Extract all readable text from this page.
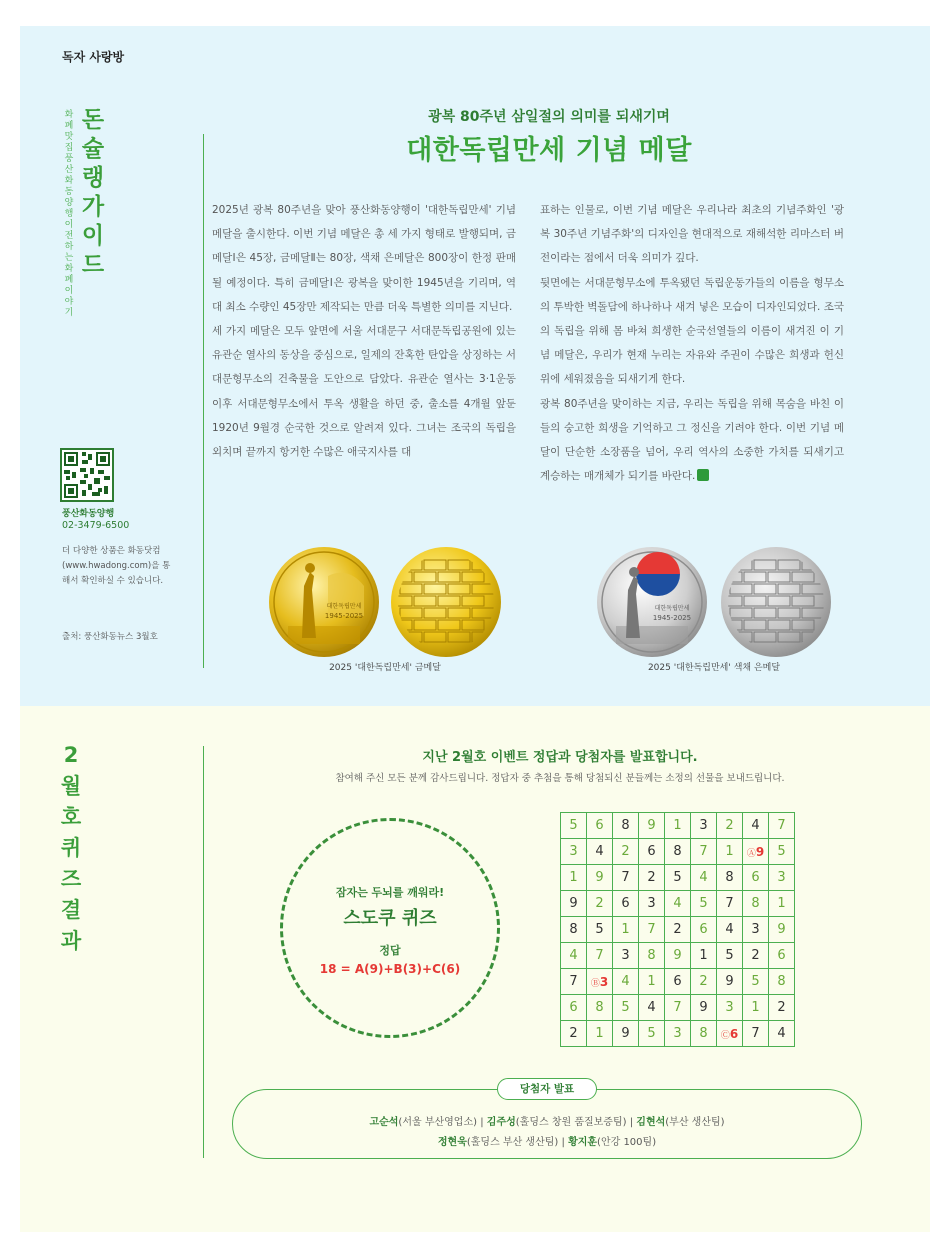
독자 사랑방
화폐 맛집 풍산화동양행이 전하는 화폐 이야기
돈슐랭가이드
풍산화동양행
02-3479-6500
더 다양한 상품은 화동닷컴 (www.hwadong.com)을 통해서 확인하실 수 있습니다.
출처: 풍산화동뉴스 3월호
광복 80주년 삼일절의 의미를 되새기며
대한독립만세 기념 메달

2025년 광복 80주년을 맞아 풍산화동양행이 '대한독립만세' 기념 메달을 출시한다. 이번 기념 메달은 총 세 가지 형태로 발행되며, 금메달Ⅰ은 45장, 금메달Ⅱ는 80장, 색채 은메달은 800장이 한정 판매될 예정이다. 특히 금메달Ⅰ은 광복을 맞이한 1945년을 기리며, 역대 최소 수량인 45장만 제작되는 만큼 더욱 특별한 의미를 지닌다.

세 가지 메달은 모두 앞면에 서울 서대문구 서대문독립공원에 있는 유관순 열사의 동상을 중심으로, 일제의 잔혹한 탄압을 상징하는 서대문형무소의 건축물을 도안으로 담았다. 유관순 열사는 3·1운동 이후 서대문형무소에서 투옥 생활을 하던 중, 출소를 4개월 앞둔 1920년 9월경 순국한 것으로 알려져 있다. 그녀는 조국의 독립을 외치며 끝까지 항거한 수많은 애국지사를 대

표하는 인물로, 이번 기념 메달은 우리나라 최초의 기념주화인 '광복 30주년 기념주화'의 디자인을 현대적으로 재해석한 리마스터 버전이라는 점에서 더욱 의미가 깊다.

뒷면에는 서대문형무소에 투옥됐던 독립운동가들의 이름을 형무소의 투박한 벽돌담에 하나하나 새겨 넣은 모습이 디자인되었다. 조국의 독립을 위해 몸 바쳐 희생한 순국선열들의 이름이 새겨진 이 기념 메달은, 우리가 현재 누리는 자유와 주권이 수많은 희생과 헌신 위에 세워졌음을 되새기게 한다.

광복 80주년을 맞이하는 지금, 우리는 독립을 위해 목숨을 바친 이들의 숭고한 희생을 기억하고 그 정신을 기려야 한다. 이번 기념 메달이 단순한 소장품을 넘어, 우리 역사의 소중한 가치를 되새기고 계승하는 매개체가 되기를 바란다.

대한독립만세
1945-2025
대한독립만세
1945-2025
2025 '대한독립만세' 금메달	2025 '대한독립만세' 색채 은메달
2월호퀴즈결과
지난 2월호 이벤트 정답과 당첨자를 발표합니다.
참여해 주신 모든 분께 감사드립니다. 정답자 중 추첨을 통해 당첨되신 분들께는 소정의 선물을 보내드립니다.
잠자는 두뇌를 깨워라!
스도쿠 퀴즈
정답
18 = A(9)+B(3)+C(6)
5	6	8	9	1	3	2	4	7
3	4	2	6	8	7	1	Ⓐ9	5
1	9	7	2	5	4	8	6	3
9	2	6	3	4	5	7	8	1
8	5	1	7	2	6	4	3	9
4	7	3	8	9	1	5	2	6
7	Ⓑ3	4	1	6	2	9	5	8
6	8	5	4	7	9	3	1	2
2	1	9	5	3	8	Ⓒ6	7	4
당첨자 발표
고순석(서울 부산영업소) | 김주성(홀딩스 창원 품질보증팀) | 김현석(부산 생산팀)
정현욱(홀딩스 부산 생산팀) | 황지훈(안강 100팀)
